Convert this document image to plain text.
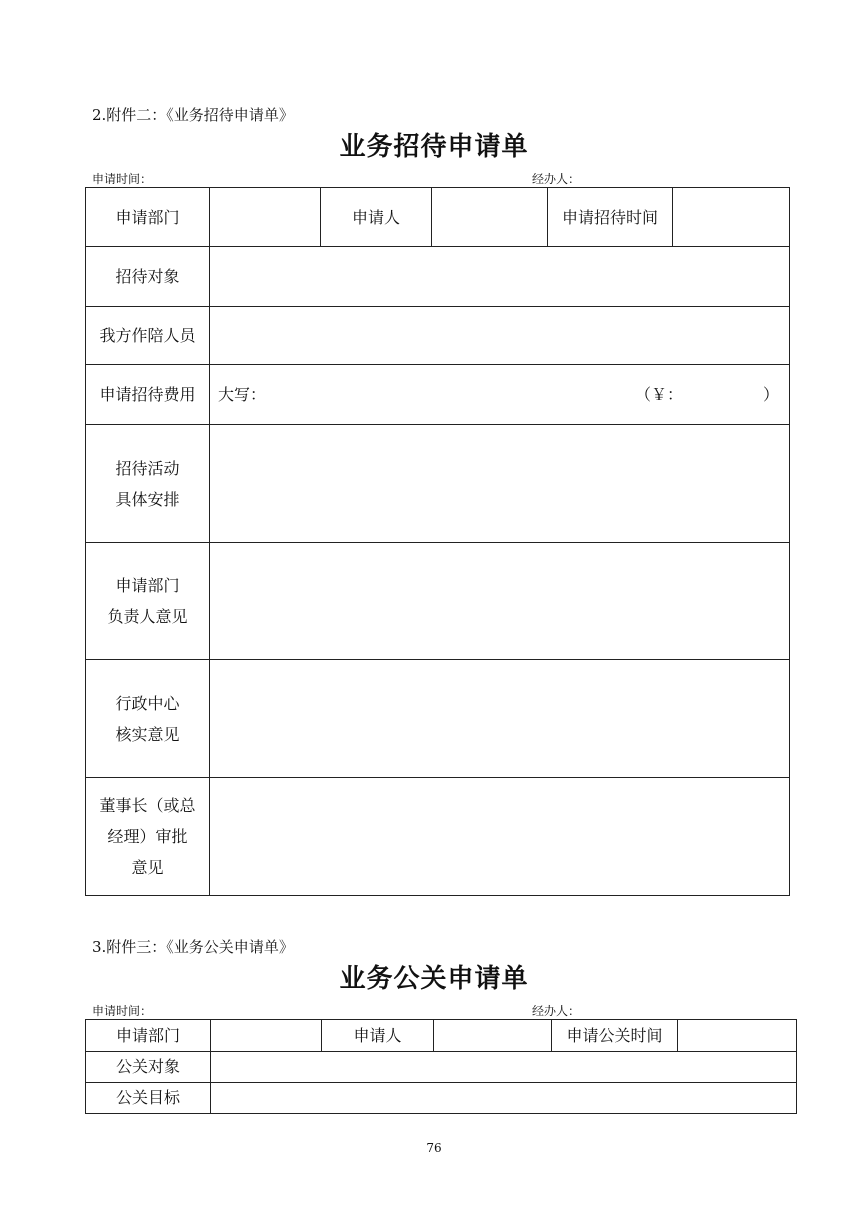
2.附件二：《业务招待申请单》
业务招待申请单
申请时间：	经办人：
申请部门		申请人		申请招待时间	
招待对象					
我方作陪人员					
申请招待费用	大写： （￥： ）				

招待活动
具体安排					

申请部门
负责人意见					

行政中心
核实意见					

董事长（或总
经理）审批
意见					

3.附件三：《业务公关申请单》
业务公关申请单
申请时间：	经办人：
申请部门		申请人		申请公关时间	
公关对象					
公关目标					
76
